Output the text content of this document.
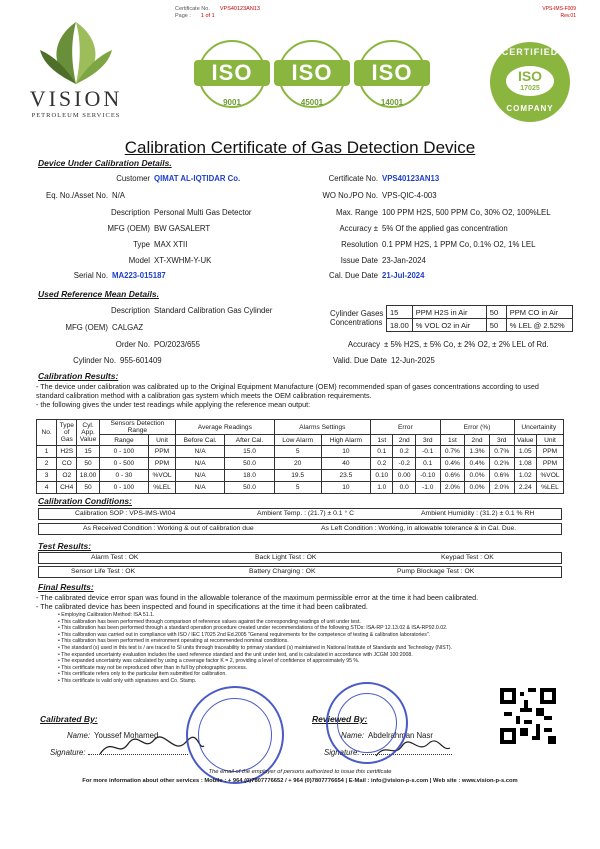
VISION
PETROLEUM SERVICES
Certificate No. VPS40123AN13
Page : 1 of 1
VPS-IMS-F009
Rev.01
ISO
9001
ISO
45001
ISO
14001
CERTIFIED
ISO
17025
COMPANY
Calibration Certificate of Gas Detection Device
Device Under Calibration Details.
Customer QIMAT AL-IQTIDAR Co.
Eq. No./Asset No. N/A
Description Personal Multi Gas Detector
MFG (OEM) BW GASALERT
Type MAX XTII
Model XT-XWHM-Y-UK
Serial No. MA223-015187
Certificate No. VPS40123AN13
WO No./PO No. VPS-QIC-4-003
Max. Range 100 PPM H2S, 500 PPM Co, 30% O2, 100%LEL
Accuracy ± 5% Of the applied gas concentration
Resolution 0.1 PPM H2S, 1 PPM Co, 0.1% O2, 1% LEL
Issue Date 23-Jan-2024
Cal. Due Date 21-Jul-2024
Used Reference Mean Details.
Description Standard Calibration Gas Cylinder
MFG (OEM) CALGAZ
Order No. PO/2023/655
Cylinder No. 955-601409
Cylinder Gases
Concentrations
15	PPM H2S in Air	50	PPM CO in Air
18.00	% VOL O2 in Air	50	% LEL @ 2.52%
Accuracy ± 5% H2S, ± 5% Co, ± 2% O2, ± 2% LEL of Rd.
Valid. Due Date 12-Jun-2025
Calibration Results:
- The device under calibration was calibrated up to the Original Equipment Manufacture (OEM) recommended span of gases concentrations according to used standard calibration method with a calibration gas system which meets the OEM calibration requirements.
- the following gives the under test readings while applying the reference mean output:
No.	Type of Gas	Cyl. App. Value	Sensors Detection Range		Average Readings		Alarms Settings		Error			Error (%)			Uncertainity	
			Range	Unit	Before Cal.	After Cal.	Low Alarm	High Alarm	1st	2nd	3rd	1st	2nd	3rd	Value	Unit
1	H2S	15	0 - 100	PPM	N/A	15.0	5	10	0.1	0.2	-0.1	0.7%	1.3%	0.7%	1.05	PPM
2	CO	50	0 - 500	PPM	N/A	50.0	20	40	0.2	-0.2	0.1	0.4%	0.4%	0.2%	1.08	PPM
3	O2	18.00	0 - 30	%VOL	N/A	18.0	19.5	23.5	0.10	0.00	-0.10	0.6%	0.0%	0.6%	1.02	%VOL
4	CH4	50	0 - 100	%LEL	N/A	50.0	5	10	1.0	0.0	-1.0	2.0%	0.0%	2.0%	2.24	%LEL
Calibration Conditions:
Calibration SOP : VPS-IMS-WI04	Ambient Temp. : (21.7) ± 0.1 ° C	Ambient Humidity : (31.2) ± 0.1 % RH
As Received Condition : Working & out of calibration due	As Left Condition : Working, in allowable tolerance & in Cal. Due.
Test Results:
Alarm Test : OK	Back Light Test : OK	Keypad Test : OK
Sensor Life Test : OK	Battery Charging : OK	Pump Blockage Test : OK
Final Results:
- The calibrated device error span was found in the allowable tolerance of the maximum permissible error at the time it had been calibrated.
- The calibrated device has been inspected and found in specifications at the time it had been calibrated.
• Employing Calibration Method: ISA 51.1.
• This calibration has been performed through comparison of reference values against the corresponding readings of unit under test.
• This calibration has been performed through a standard operation procedure created under recommendations of the following STDs: ISA-RP 12.13.02 & ISA-RP92.0.02.
• This calibration was carried out in compliance with ISO / IEC 17025 2nd Ed.2005 "General requirements for the competence of testing & calibration laboratories".
• This calibration has been performed in environment operating at recommended nominal conditions.
• The standard (s) used in this test is / are traced to SI units through traceability to primary standard (s) maintained in National Institute of Standards and Technology (NIST).
• The expanded uncertainty evaluation includes the used reference standard and the unit under test, and is calculated in accordance with JCGM 100:2008.
• The expanded uncertainty was calculated by using a coverage factor K = 2, providing a level of confidence of approximately 95 %.
• This certificate may not be reproduced other than in full by photographic process.
• This certificate refers only to the particular item submitted for calibration.
• This certificate is valid only with signatures and Co. Stamp.
Calibrated By:	Reviewed By:
Name: Youssef Mohamed
Signature:
Name: Abdelrahman Nasr
Signature:
The email of the employer of persons authorized to issue this certificate
For more information about other services : Mobile : + 964 (0)7807776652 / + 964 (0)7807776654 | E-Mail : info@vision-p-s.com | Web site : www.vision-p-s.com
